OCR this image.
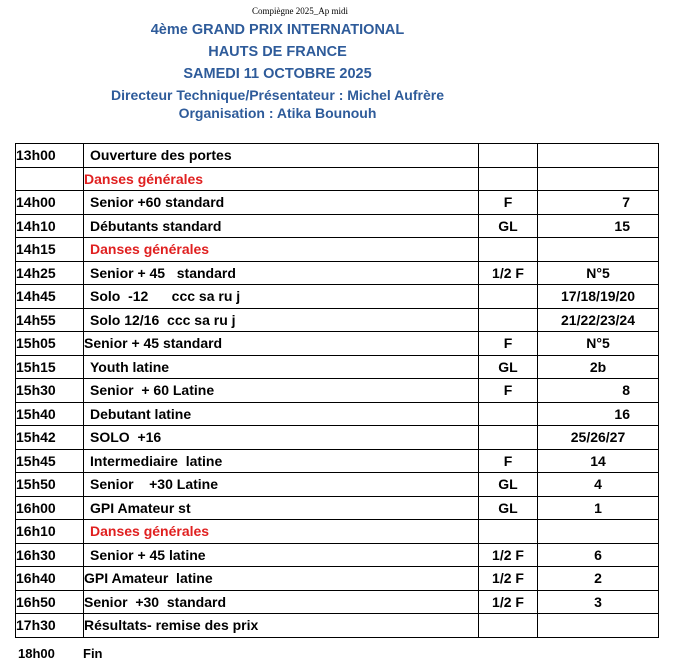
Compiègne 2025_Ap midi
4ème GRAND PRIX INTERNATIONAL
HAUTS DE FRANCE
SAMEDI 11 OCTOBRE 2025
Directeur Technique/Présentateur : Michel Aufrère
Organisation : Atika Bounouh
13h00	Ouverture des portes		
	Danses générales		
14h00	Senior +60 standard	F	7
14h10	Débutants standard	GL	15
14h15	Danses générales		
14h25	Senior + 45   standard	1/2 F	N°5
14h45	Solo  -12      ccc sa ru j		17/18/19/20
14h55	Solo 12/16  ccc sa ru j		21/22/23/24
15h05	Senior + 45 standard	F	N°5
15h15	Youth latine	GL	2b
15h30	Senior  + 60 Latine	F	8
15h40	Debutant latine		16
15h42	SOLO  +16		25/26/27
15h45	Intermediaire  latine	F	14
15h50	Senior    +30 Latine	GL	4
16h00	GPI Amateur st	GL	1
16h10	Danses générales		
16h30	Senior + 45 latine	1/2 F	6
16h40	GPI Amateur  latine	1/2 F	2
16h50	Senior  +30  standard	1/2 F	3
17h30	Résultats- remise des prix		
18h00 Fin
